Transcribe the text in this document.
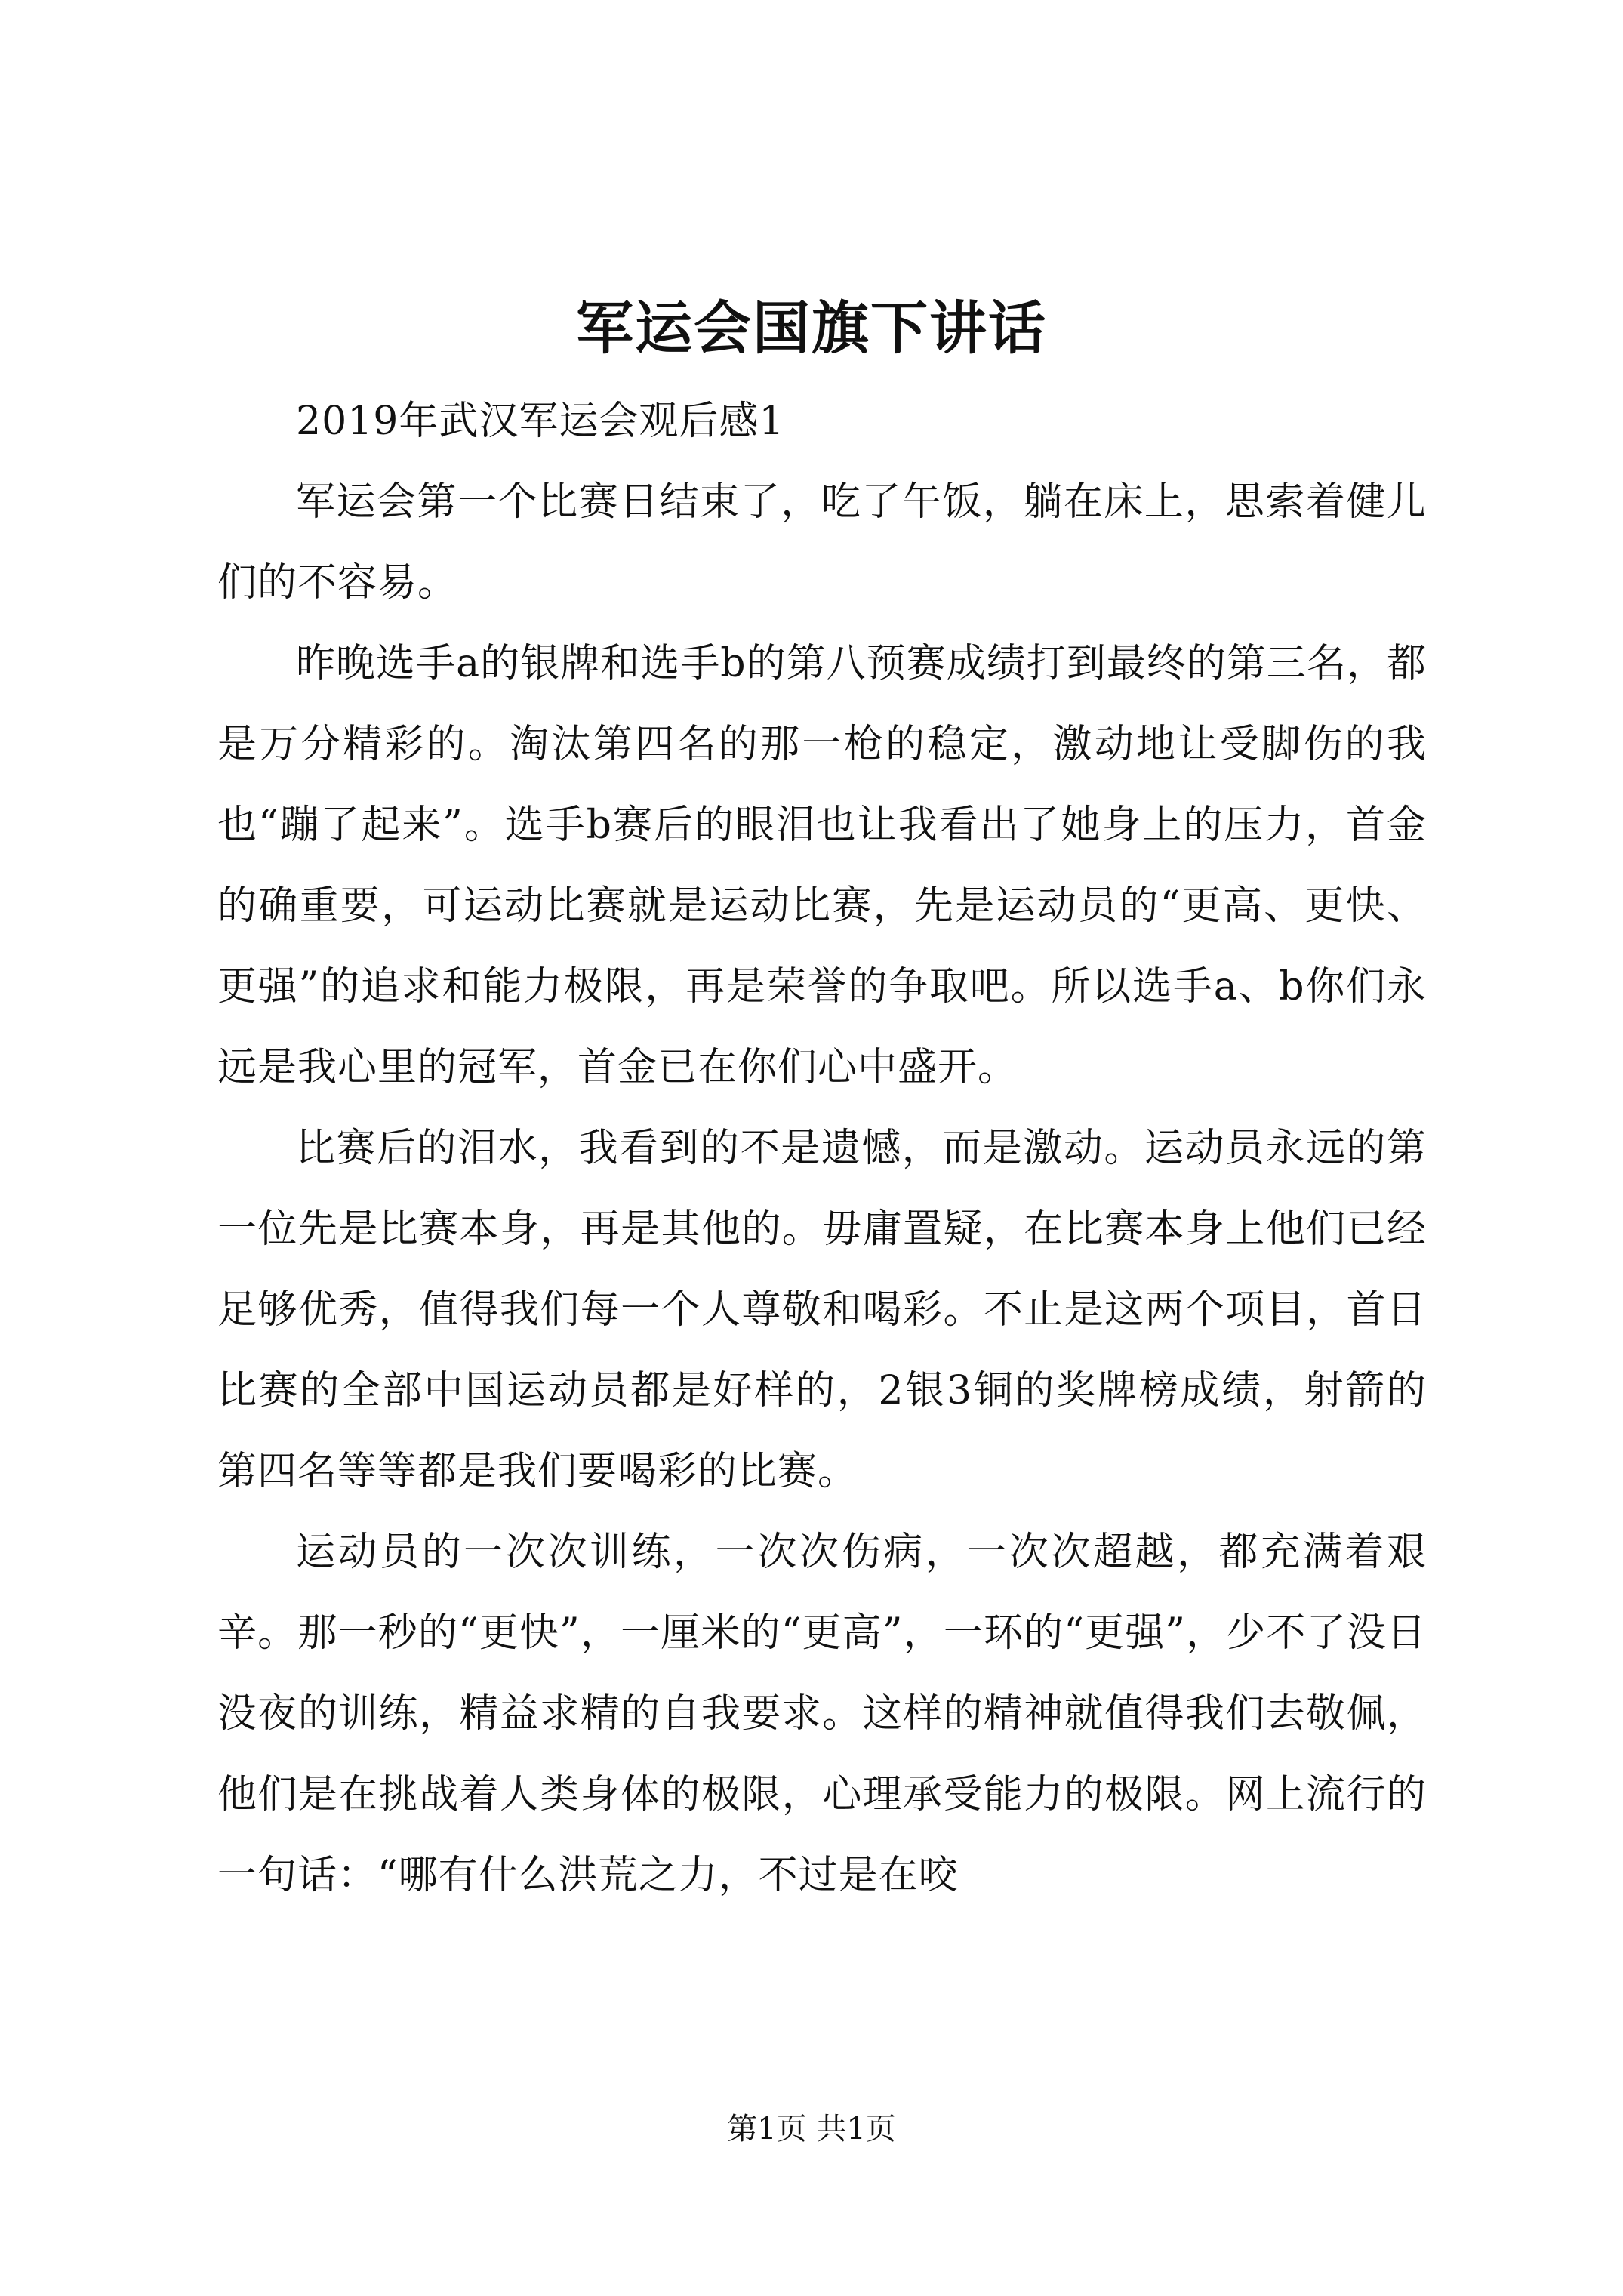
军运会国旗下讲话

2019年武汉军运会观后感1

军运会第一个比赛日结束了，吃了午饭，躺在床上，思索着健儿们的不容易。

昨晚选手a的银牌和选手b的第八预赛成绩打到最终的第三名，都是万分精彩的。淘汰第四名的那一枪的稳定，激动地让受脚伤的我也“蹦了起来”。选手b赛后的眼泪也让我看出了她身上的压力，首金的确重要，可运动比赛就是运动比赛，先是运动员的“更高、更快、更强”的追求和能力极限，再是荣誉的争取吧。所以选手a、b你们永远是我心里的冠军，首金已在你们心中盛开。

比赛后的泪水，我看到的不是遗憾，而是激动。运动员永远的第一位先是比赛本身，再是其他的。毋庸置疑，在比赛本身上他们已经足够优秀，值得我们每一个人尊敬和喝彩。不止是这两个项目，首日比赛的全部中国运动员都是好样的，2银3铜的奖牌榜成绩，射箭的第四名等等都是我们要喝彩的比赛。

运动员的一次次训练，一次次伤病，一次次超越，都充满着艰辛。那一秒的“更快”，一厘米的“更高”，一环的“更强”，少不了没日没夜的训练，精益求精的自我要求。这样的精神就值得我们去敬佩，他们是在挑战着人类身体的极限，心理承受能力的极限。网上流行的一句话：“哪有什么洪荒之力，不过是在咬

第1页 共1页
